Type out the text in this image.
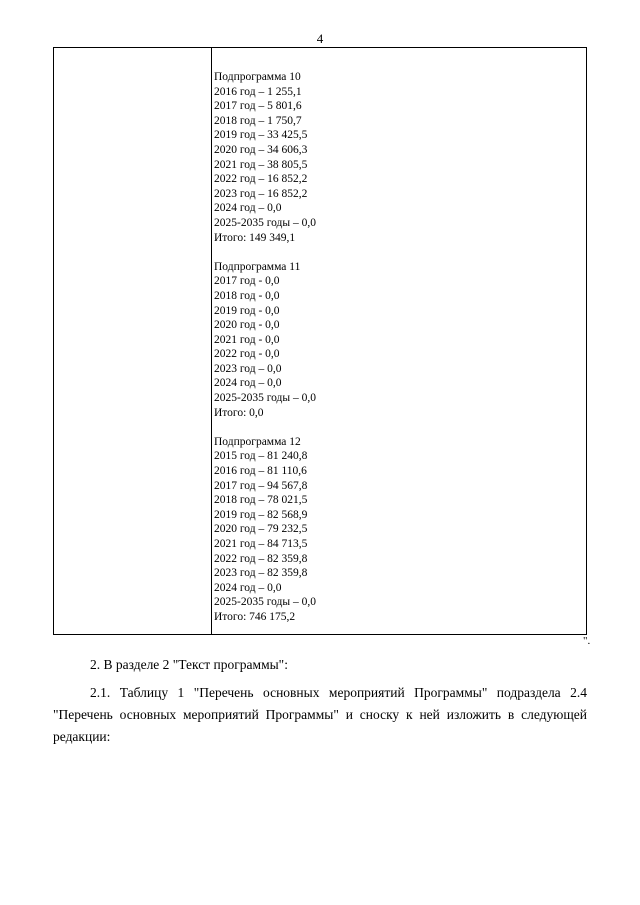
4
Подпрограмма 10
2016 год – 1 255,1
2017 год – 5 801,6
2018 год – 1 750,7
2019 год – 33 425,5
2020 год – 34 606,3
2021 год – 38 805,5
2022 год – 16 852,2
2023 год – 16 852,2
2024 год – 0,0
2025-2035 годы – 0,0
Итого: 149 349,1
Подпрограмма 11
2017 год - 0,0
2018 год - 0,0
2019 год - 0,0
2020 год - 0,0
2021 год - 0,0
2022 год - 0,0
2023 год – 0,0
2024 год – 0,0
2025-2035 годы – 0,0
Итого: 0,0
Подпрограмма 12
2015 год – 81 240,8
2016 год – 81 110,6
2017 год – 94 567,8
2018 год – 78 021,5
2019 год – 82 568,9
2020 год – 79 232,5
2021 год – 84 713,5
2022 год – 82 359,8
2023 год – 82 359,8
2024 год – 0,0
2025-2035 годы – 0,0
Итого: 746 175,2
".
2. В разделе 2 "Текст программы":
2.1. Таблицу 1 "Перечень основных мероприятий Программы" подраздела 2.4 "Перечень основных мероприятий Программы" и сноску к ней изложить в следующей редакции:
